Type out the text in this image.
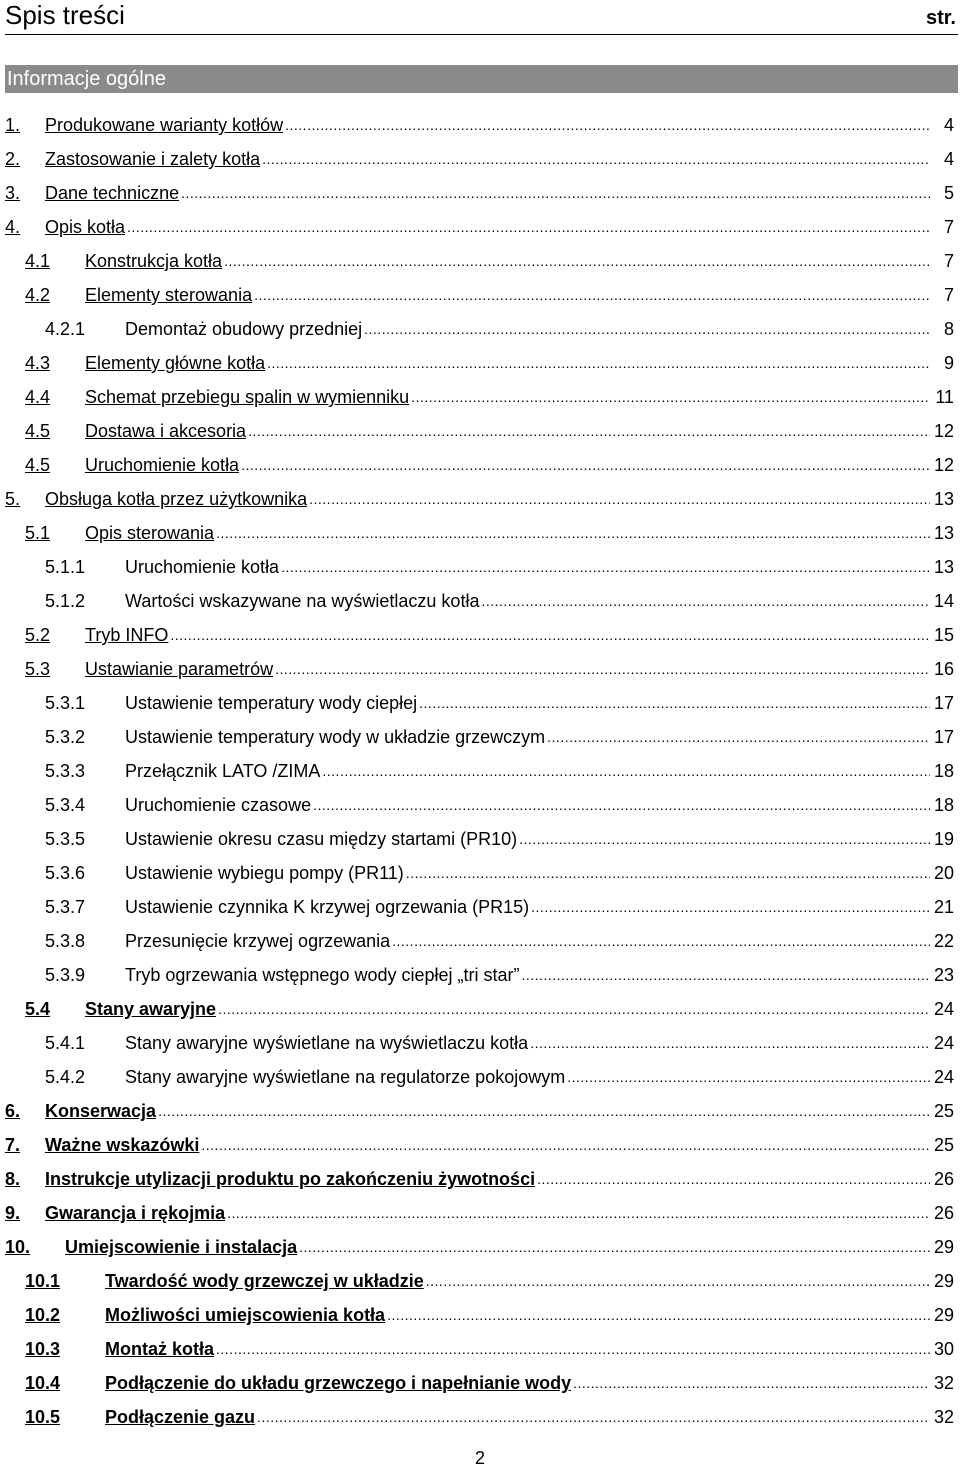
Spis treści	str.
Informacje ogólne
1.	Produkowane warianty kotłów .....	4
2.	Zastosowanie i zalety kotła .....	4
3.	Dane techniczne .....	5
4.	Opis kotła .....	7
4.1	Konstrukcja kotła .....	7
4.2	Elementy sterowania .....	7
4.2.1	Demontaż obudowy przedniej .....	8
4.3	Elementy główne kotła .....	9
4.4	Schemat przebiegu spalin w wymienniku .....	11
4.5	Dostawa i akcesoria .....	12
4.5	Uruchomienie kotła .....	12
5.	Obsługa kotła przez użytkownika .....	13
5.1	Opis sterowania .....	13
5.1.1	Uruchomienie kotła .....	13
5.1.2	Wartości wskazywane na wyświetlaczu kotła .....	14
5.2	Tryb INFO .....	15
5.3	Ustawianie parametrów .....	16
5.3.1	Ustawienie temperatury wody ciepłej .....	17
5.3.2	Ustawienie temperatury wody w układzie grzewczym .....	17
5.3.3	Przełącznik LATO /ZIMA .....	18
5.3.4	Uruchomienie czasowe .....	18
5.3.5	Ustawienie okresu czasu między startami (PR10) .....	19
5.3.6	Ustawienie wybiegu pompy (PR11) .....	20
5.3.7	Ustawienie czynnika K krzywej ogrzewania (PR15) .....	21
5.3.8	Przesunięcie krzywej ogrzewania .....	22
5.3.9	Tryb ogrzewania wstępnego wody ciepłej „tri star” .....	23
5.4	Stany awaryjne .....	24
5.4.1	Stany awaryjne wyświetlane na wyświetlaczu kotła .....	24
5.4.2	Stany awaryjne wyświetlane na regulatorze pokojowym .....	24
6.	Konserwacja .....	25
7.	Ważne wskazówki .....	25
8.	Instrukcje utylizacji produktu po zakończeniu żywotności .....	26
9.	Gwarancja i rękojmia .....	26
10.	Umiejscowienie i instalacja .....	29
10.1	Twardość wody grzewczej w układzie .....	29
10.2	Możliwości umiejscowienia kotła .....	29
10.3	Montaż kotła .....	30
10.4	Podłączenie do układu grzewczego i napełnianie wody .....	32
10.5	Podłączenie gazu .....	32
2
